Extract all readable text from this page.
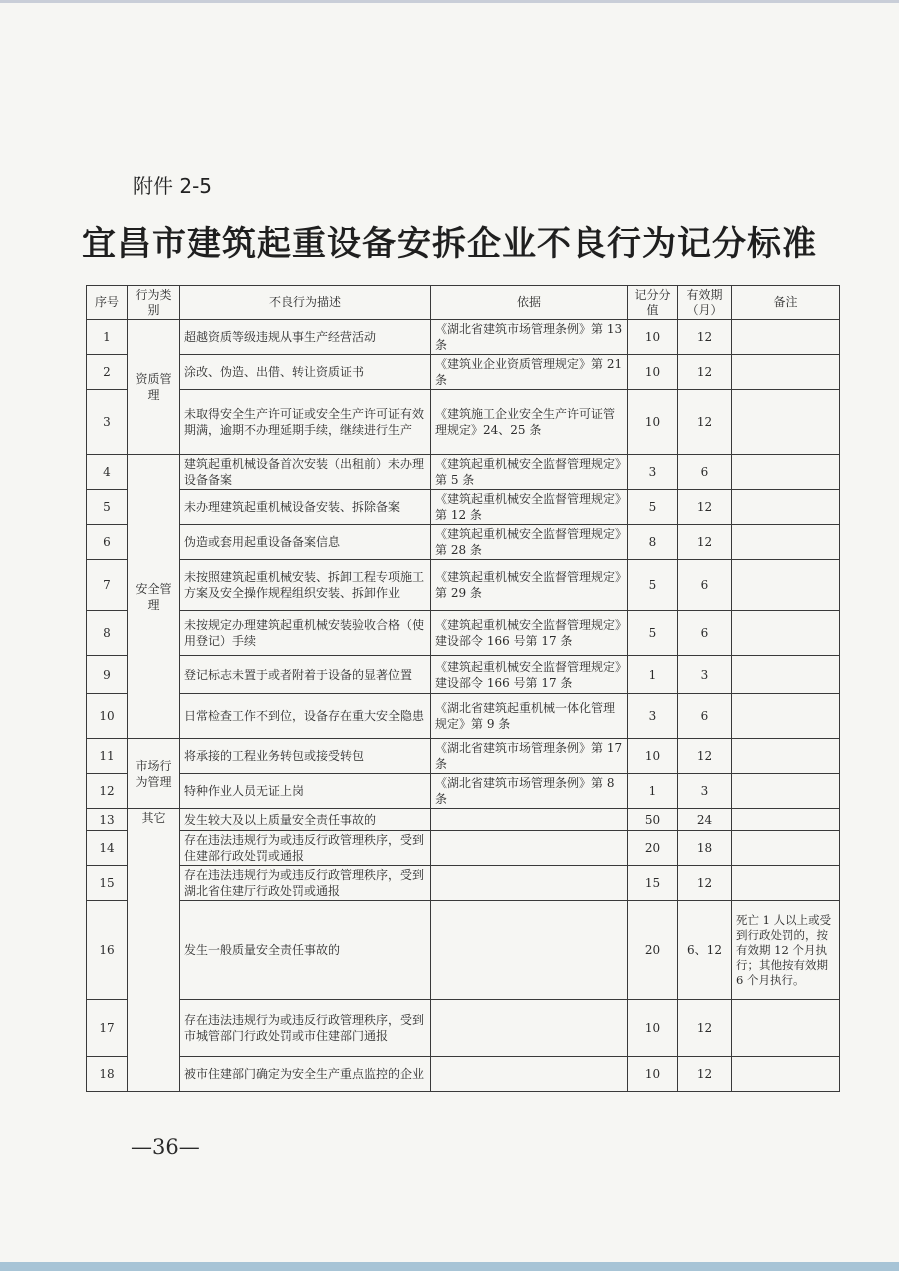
附件 2-5
宜昌市建筑起重设备安拆企业不良行为记分标准
序号	行为类别	不良行为描述	依据	记分分值	有效期（月）	备注
1	资质管理	超越资质等级违规从事生产经营活动	《湖北省建筑市场管理条例》第 13 条	10	12	
2		涂改、伪造、出借、转让资质证书	《建筑业企业资质管理规定》第 21 条	10	12	
3		未取得安全生产许可证或安全生产许可证有效期满，逾期不办理延期手续，继续进行生产	《建筑施工企业安全生产许可证管理规定》24、25 条	10	12	
4	安全管理	建筑起重机械设备首次安装（出租前）未办理设备备案	《建筑起重机械安全监督管理规定》第 5 条	3	6	
5		未办理建筑起重机械设备安装、拆除备案	《建筑起重机械安全监督管理规定》第 12 条	5	12	
6		伪造或套用起重设备备案信息	《建筑起重机械安全监督管理规定》第 28 条	8	12	
7		未按照建筑起重机械安装、拆卸工程专项施工方案及安全操作规程组织安装、拆卸作业	《建筑起重机械安全监督管理规定》第 29 条	5	6	
8		未按规定办理建筑起重机械安装验收合格（使用登记）手续	《建筑起重机械安全监督管理规定》建设部令 166 号第 17 条	5	6	
9		登记标志未置于或者附着于设备的显著位置	《建筑起重机械安全监督管理规定》建设部令 166 号第 17 条	1	3	
10		日常检查工作不到位，设备存在重大安全隐患	《湖北省建筑起重机械一体化管理规定》第 9 条	3	6	
11	市场行为管理	将承接的工程业务转包或接受转包	《湖北省建筑市场管理条例》第 17 条	10	12	
12		特种作业人员无证上岗	《湖北省建筑市场管理条例》第 8 条	1	3	
13	其它	发生较大及以上质量安全责任事故的		50	24	
14		存在违法违规行为或违反行政管理秩序，受到住建部行政处罚或通报		20	18	
15		存在违法违规行为或违反行政管理秩序，受到湖北省住建厅行政处罚或通报		15	12	
16		发生一般质量安全责任事故的		20	6、12	死亡 1 人以上或受到行政处罚的，按有效期 12 个月执行；其他按有效期 6 个月执行。
17		存在违法违规行为或违反行政管理秩序，受到市城管部门行政处罚或市住建部门通报		10	12	
18		被市住建部门确定为安全生产重点监控的企业		10	12	
—36—
